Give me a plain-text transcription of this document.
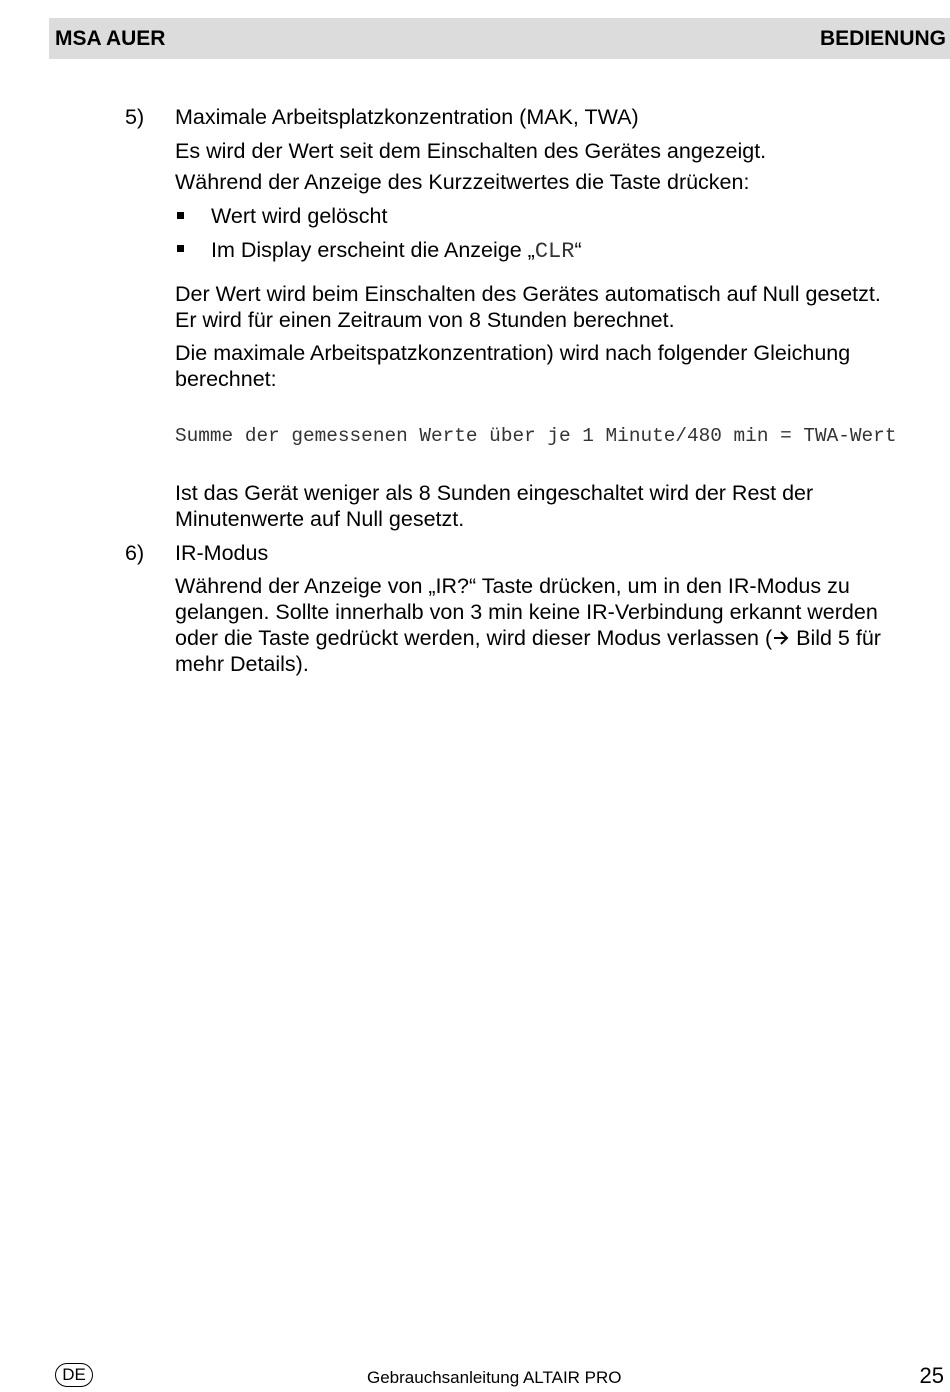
MSA AUER	BEDIENUNG
5) Maximale Arbeitsplatzkonzentration (MAK, TWA)
Es wird der Wert seit dem Einschalten des Gerätes angezeigt.
Während der Anzeige des Kurzzeitwertes die Taste drücken:
Wert wird gelöscht
Im Display erscheint die Anzeige „CLR“
Der Wert wird beim Einschalten des Gerätes automatisch auf Null gesetzt.
Er wird für einen Zeitraum von 8 Stunden berechnet.
Die maximale Arbeitspatzkonzentration) wird nach folgender Gleichung
berechnet:
Summe der gemessenen Werte über je 1 Minute/480 min = TWA-Wert
Ist das Gerät weniger als 8 Sunden eingeschaltet wird der Rest der
Minutenwerte auf Null gesetzt.
6) IR-Modus
Während der Anzeige von „IR?“ Taste drücken, um in den IR-Modus zu
gelangen. Sollte innerhalb von 3 min keine IR-Verbindung erkannt werden
oder die Taste gedrückt werden, wird dieser Modus verlassen ( Bild 5 für
mehr Details).
DE	Gebrauchsanleitung ALTAIR PRO	25
